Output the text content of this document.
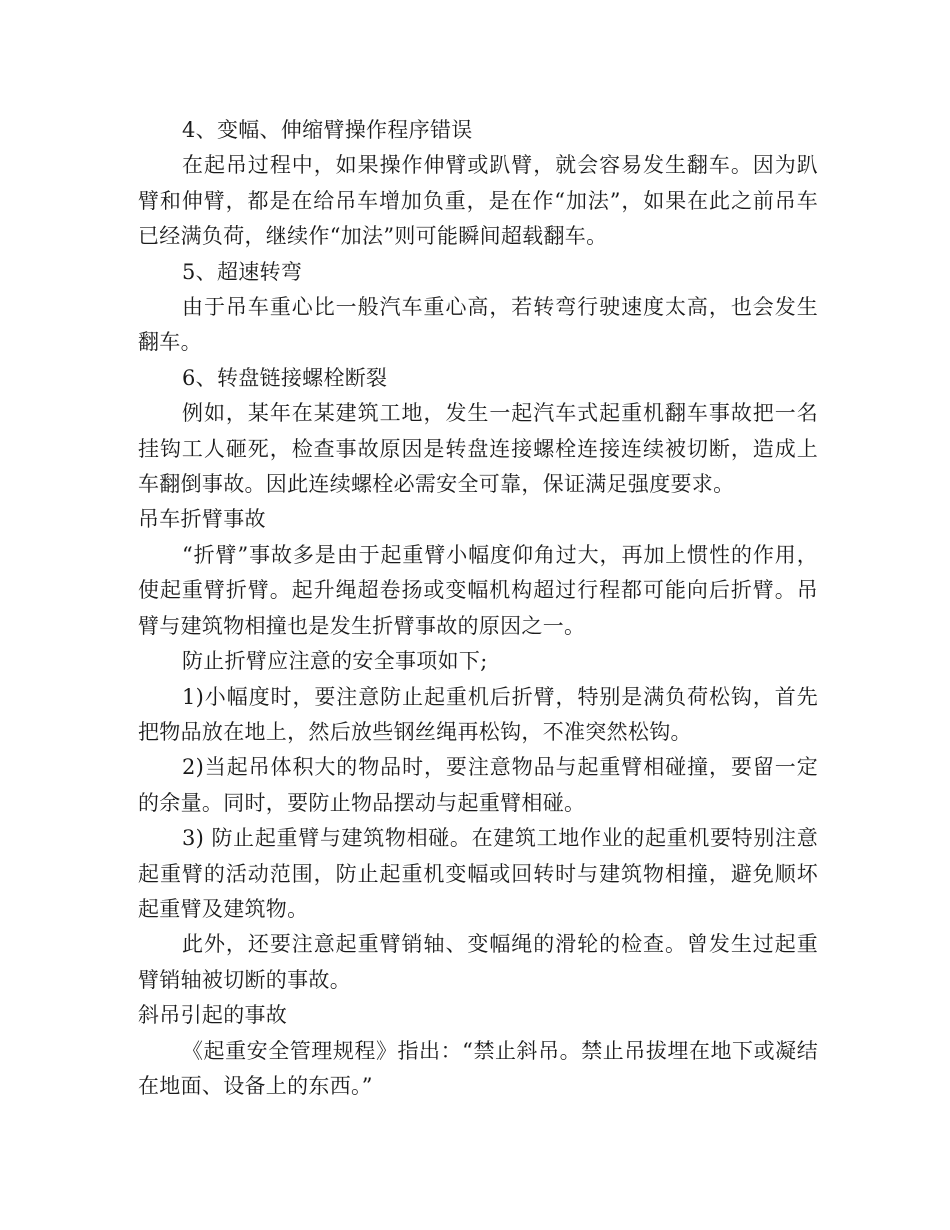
4、变幅、伸缩臂操作程序错误

在起吊过程中，如果操作伸臂或趴臂，就会容易发生翻车。因为趴臂和伸臂，都是在给吊车增加负重，是在作“加法”，如果在此之前吊车已经满负荷，继续作“加法”则可能瞬间超载翻车。

5、超速转弯

由于吊车重心比一般汽车重心高，若转弯行驶速度太高，也会发生翻车。

6、转盘链接螺栓断裂

例如，某年在某建筑工地，发生一起汽车式起重机翻车事故把一名挂钩工人砸死，检查事故原因是转盘连接螺栓连接连续被切断，造成上车翻倒事故。因此连续螺栓必需安全可靠，保证满足强度要求。

吊车折臂事故

“折臂”事故多是由于起重臂小幅度仰角过大，再加上惯性的作用，使起重臂折臂。起升绳超卷扬或变幅机构超过行程都可能向后折臂。吊臂与建筑物相撞也是发生折臂事故的原因之一。

防止折臂应注意的安全事项如下;

1)小幅度时，要注意防止起重机后折臂，特别是满负荷松钩，首先把物品放在地上，然后放些钢丝绳再松钩，不准突然松钩。

2)当起吊体积大的物品时，要注意物品与起重臂相碰撞，要留一定的余量。同时，要防止物品摆动与起重臂相碰。

3) 防止起重臂与建筑物相碰。在建筑工地作业的起重机要特别注意起重臂的活动范围，防止起重机变幅或回转时与建筑物相撞，避免顺坏起重臂及建筑物。

此外，还要注意起重臂销轴、变幅绳的滑轮的检查。曾发生过起重臂销轴被切断的事故。

斜吊引起的事故

《起重安全管理规程》指出：“禁止斜吊。禁止吊拔埋在地下或凝结在地面、设备上的东西。”
